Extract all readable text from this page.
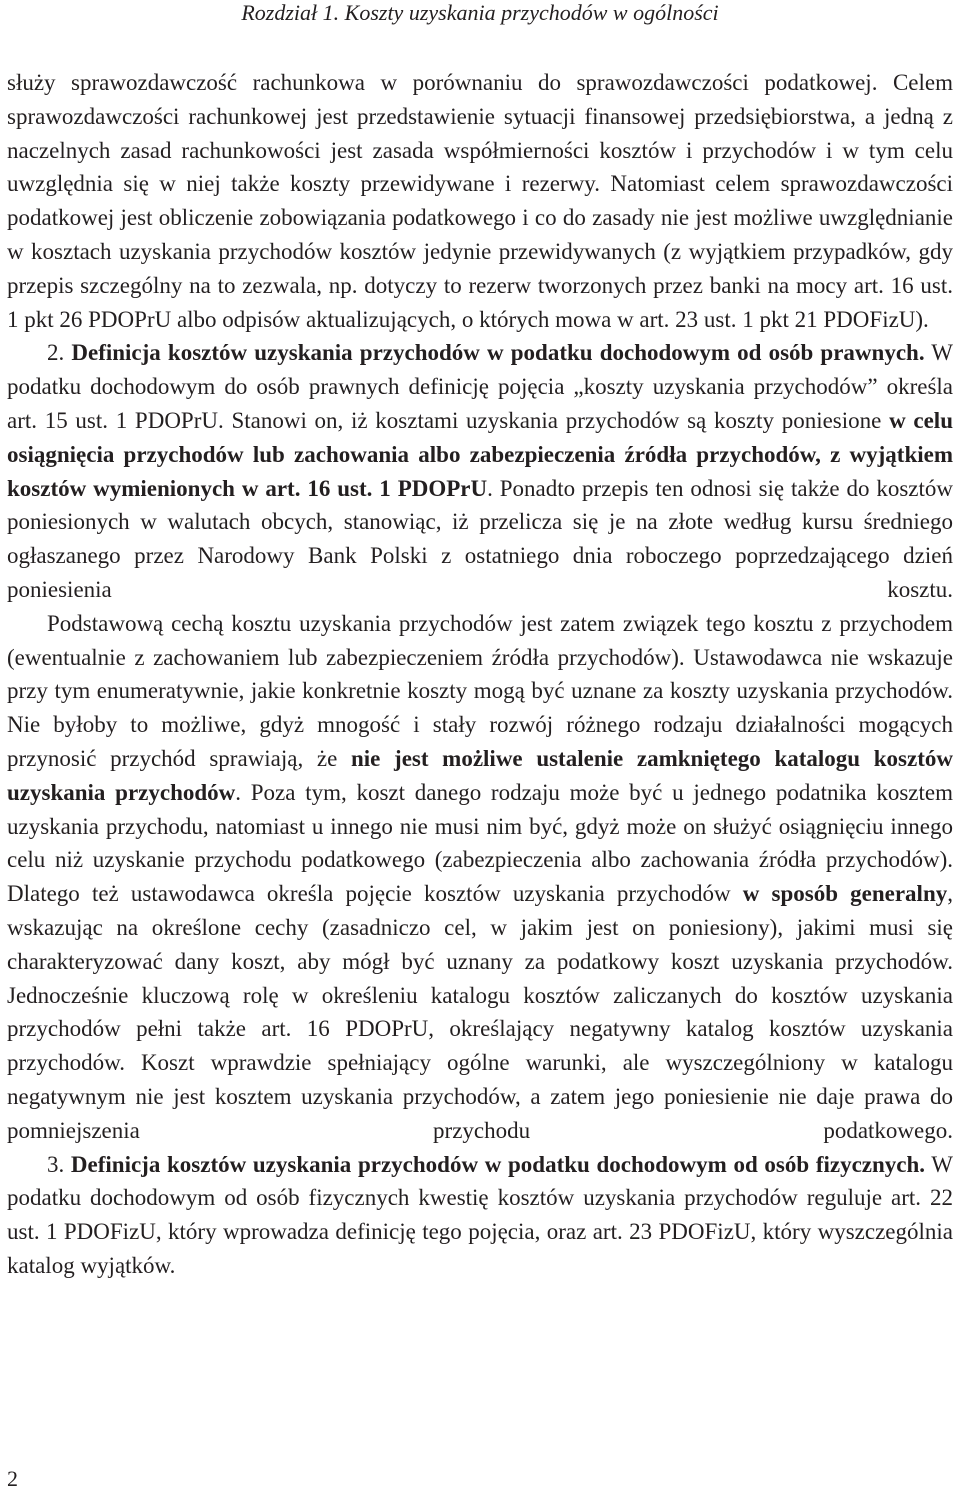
Rozdział 1. Koszty uzyskania przychodów w ogólności

służy sprawozdawczość rachunkowa w porównaniu do sprawozdawczości podatkowej. Celem sprawozdawczości rachunkowej jest przedstawienie sytuacji finansowej przedsiębiorstwa, a jedną z naczelnych zasad rachunkowości jest zasada współmierności kosztów i przychodów i w tym celu uwzględnia się w niej także koszty przewidywane i rezerwy. Natomiast celem sprawozdawczości podatkowej jest obliczenie zobowiązania podatkowego i co do zasady nie jest możliwe uwzględnianie w kosztach uzyskania przychodów kosztów jedynie przewidywanych (z wyjątkiem przypadków, gdy przepis szczególny na to zezwala, np. dotyczy to rezerw tworzonych przez banki na mocy art. 16 ust. 1 pkt 26 PDOPrU albo odpisów aktualizujących, o których mowa w art. 23 ust. 1 pkt 21 PDOFizU).

2. Definicja kosztów uzyskania przychodów w podatku dochodowym od osób prawnych. W podatku dochodowym do osób prawnych definicję pojęcia „koszty uzyskania przychodów” określa art. 15 ust. 1 PDOPrU. Stanowi on, iż kosztami uzyskania przychodów są koszty poniesione w celu osiągnięcia przychodów lub zachowania albo zabezpieczenia źródła przychodów, z wyjątkiem kosztów wymienionych w art. 16 ust. 1 PDOPrU. Ponadto przepis ten odnosi się także do kosztów poniesionych w walutach obcych, stanowiąc, iż przelicza się je na złote według kursu średniego ogłaszanego przez Narodowy Bank Polski z ostatniego dnia roboczego poprzedzającego dzień poniesienia kosztu.

Podstawową cechą kosztu uzyskania przychodów jest zatem związek tego kosztu z przychodem (ewentualnie z zachowaniem lub zabezpieczeniem źródła przychodów). Ustawodawca nie wskazuje przy tym enumeratywnie, jakie konkretnie koszty mogą być uznane za koszty uzyskania przychodów. Nie byłoby to możliwe, gdyż mnogość i stały rozwój różnego rodzaju działalności mogących przynosić przychód sprawiają, że nie jest możliwe ustalenie zamkniętego katalogu kosztów uzyskania przychodów. Poza tym, koszt danego rodzaju może być u jednego podatnika kosztem uzyskania przychodu, natomiast u innego nie musi nim być, gdyż może on służyć osiągnięciu innego celu niż uzyskanie przychodu podatkowego (zabezpieczenia albo zachowania źródła przychodów). Dlatego też ustawodawca określa pojęcie kosztów uzyskania przychodów w sposób generalny, wskazując na określone cechy (zasadniczo cel, w jakim jest on poniesiony), jakimi musi się charakteryzować dany koszt, aby mógł być uznany za podatkowy koszt uzyskania przychodów. Jednocześnie kluczową rolę w określeniu katalogu kosztów zaliczanych do kosztów uzyskania przychodów pełni także art. 16 PDOPrU, określający negatywny katalog kosztów uzyskania przychodów. Koszt wprawdzie spełniający ogólne warunki, ale wyszczególniony w katalogu negatywnym nie jest kosztem uzyskania przychodów, a zatem jego poniesienie nie daje prawa do pomniejszenia przychodu podatkowego.

3. Definicja kosztów uzyskania przychodów w podatku dochodowym od osób fizycznych. W podatku dochodowym od osób fizycznych kwestię kosztów uzyskania przychodów reguluje art. 22 ust. 1 PDOFizU, który wprowadza definicję tego pojęcia, oraz art. 23 PDOFizU, który wyszczególnia katalog wyjątków.

2
